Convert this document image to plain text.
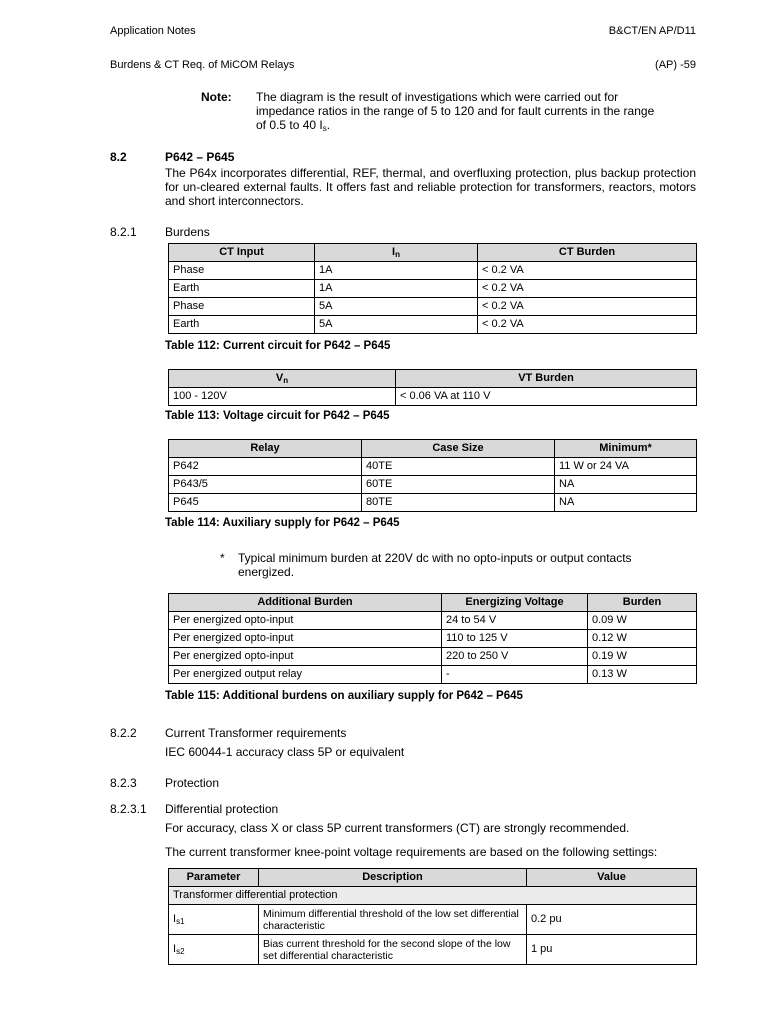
Application Notes	B&CT/EN AP/D11
Burdens & CT Req. of MiCOM Relays	(AP) -59
Note: The diagram is the result of investigations which were carried out for
impedance ratios in the range of 5 to 120 and for fault currents in the range
of 0.5 to 40 $I_s$.
8.2	P642 – P645
The P64x incorporates differential, REF, thermal, and overfluxing protection, plus backup protection for un-cleared external faults. It offers fast and reliable protection for transformers, reactors, motors and short interconnectors.
8.2.1 Burdens
CT Input	$I_n$	CT Burden
Phase	1A	< 0.2 VA
Earth	1A	< 0.2 VA
Phase	5A	< 0.2 VA
Earth	5A	< 0.2 VA
Table 112: Current circuit for P642 – P645
$V_n$	VT Burden
100 - 120V	< 0.06 VA at 110 V
Table 113: Voltage circuit for P642 – P645
Relay	Case Size	Minimum*
P642	40TE	11 W or 24 VA
P643/5	60TE	NA
P645	80TE	NA
Table 114: Auxiliary supply for P642 – P645
* Typical minimum burden at 220V dc with no opto-inputs or output contacts
energized.
Additional Burden	Energizing Voltage	Burden
Per energized opto-input	24 to 54 V	0.09 W
Per energized opto-input	110 to 125 V	0.12 W
Per energized opto-input	220 to 250 V	0.19 W
Per energized output relay	-	0.13 W
Table 115: Additional burdens on auxiliary supply for P642 – P645
8.2.2 Current Transformer requirements
IEC 60044-1 accuracy class 5P or equivalent
8.2.3 Protection
8.2.3.1 Differential protection
For accuracy, class X or class 5P current transformers (CT) are strongly recommended.
The current transformer knee-point voltage requirements are based on the following settings:
Parameter	Description	Value
Transformer differential protection		
$I_{s1}$	Minimum differential threshold of the low set differential characteristic	0.2 pu
$I_{s2}$	Bias current threshold for the second slope of the low set differential characteristic	1 pu
